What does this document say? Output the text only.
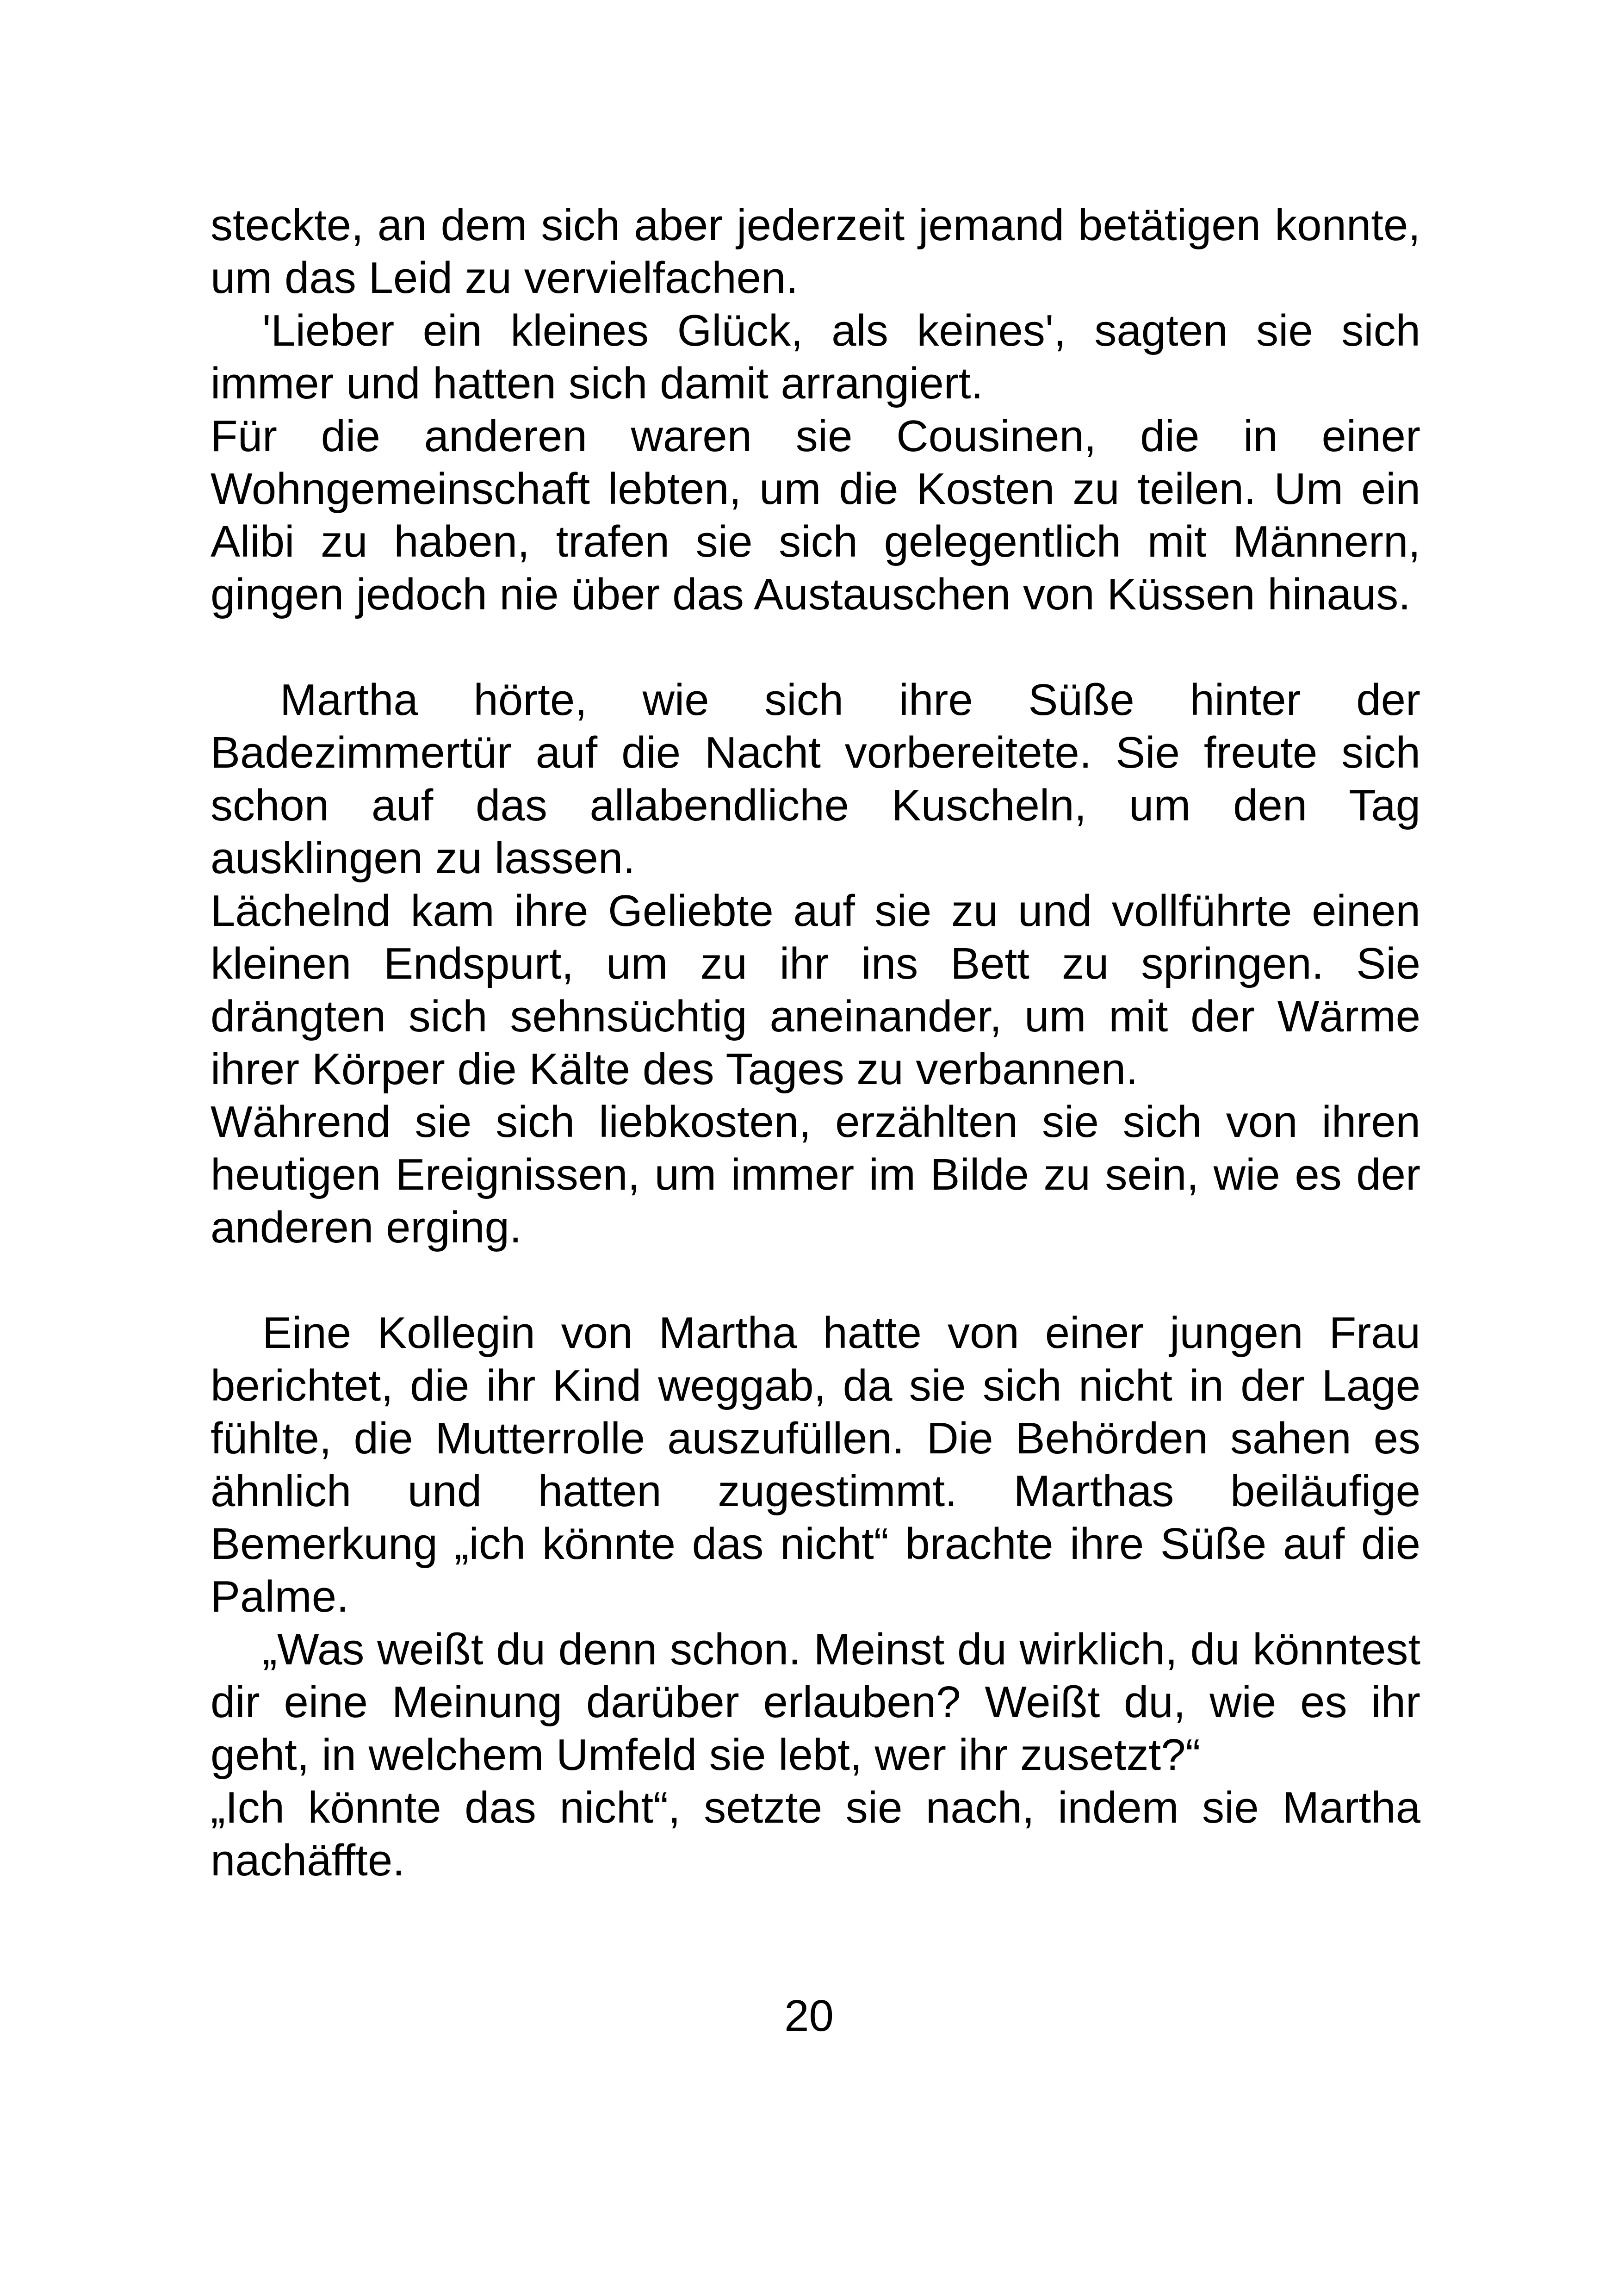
steckte, an dem sich aber jederzeit jemand betätigen konnte, um das Leid zu vervielfachen.

'Lieber ein kleines Glück, als keines', sagten sie sich immer und hatten sich damit arrangiert.

Für die anderen waren sie Cousinen, die in einer Wohngemeinschaft lebten, um die Kosten zu teilen. Um ein Alibi zu haben, trafen sie sich gelegentlich mit Männern, gingen jedoch nie über das Austauschen von Küssen hinaus.

Martha hörte, wie sich ihre Süße hinter der Badezimmertür auf die Nacht vorbereitete. Sie freute sich schon auf das allabendliche Kuscheln, um den Tag ausklingen zu lassen.

Lächelnd kam ihre Geliebte auf sie zu und vollführte einen kleinen Endspurt, um zu ihr ins Bett zu springen. Sie drängten sich sehnsüchtig aneinander, um mit der Wärme ihrer Körper die Kälte des Tages zu verbannen.

Während sie sich liebkosten, erzählten sie sich von ihren heutigen Ereignissen, um immer im Bilde zu sein, wie es der anderen erging.

Eine Kollegin von Martha hatte von einer jungen Frau berichtet, die ihr Kind weggab, da sie sich nicht in der Lage fühlte, die Mutterrolle auszufüllen. Die Behörden sahen es ähnlich und hatten zugestimmt. Marthas beiläufige Bemerkung „ich könnte das nicht“ brachte ihre Süße auf die Palme.

„Was weißt du denn schon. Meinst du wirklich, du könntest dir eine Meinung darüber erlauben? Weißt du, wie es ihr geht, in welchem Umfeld sie lebt, wer ihr zusetzt?“

„Ich könnte das nicht“, setzte sie nach, indem sie Martha nachäffte.

20
